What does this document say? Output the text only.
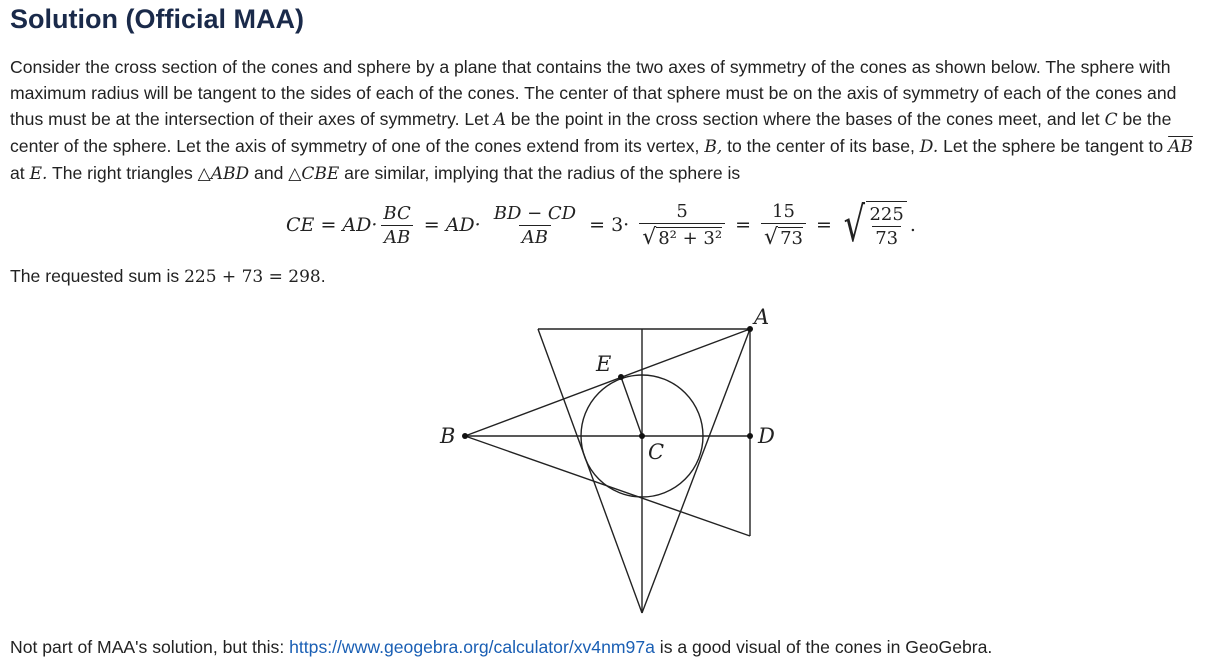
Solution (Official MAA)

Consider the cross section of the cones and sphere by a plane that contains the two axes of symmetry of the cones as shown below. The sphere with maximum radius will be tangent to the sides of each of the cones. The center of that sphere must be on the axis of symmetry of each of the cones and thus must be at the intersection of their axes of symmetry. Let A be the point in the cross section where the bases of the cones meet, and let C be the center of the sphere. Let the axis of symmetry of one of the cones extend from its vertex, B, to the center of its base, D. Let the sphere be tangent to $\overline{AB}$ at E. The right triangles △ABD and △CBE are similar, implying that the radius of the sphere is

CE = $AD\cdot \frac{BC}{AB} = AD\cdot \frac{BD - CD}{AB} = 3\cdot \frac{5}{\text{√ 8² + 3²}} = \frac{15}{√ 73}$ = √ $\frac{225}{73}$ .

The requested sum is 225 + 73 = 298.

A
B
C
D
E

Not part of MAA's solution, but this: https://www.geogebra.org/calculator/xv4nm97a is a good visual of the cones in GeoGebra.
